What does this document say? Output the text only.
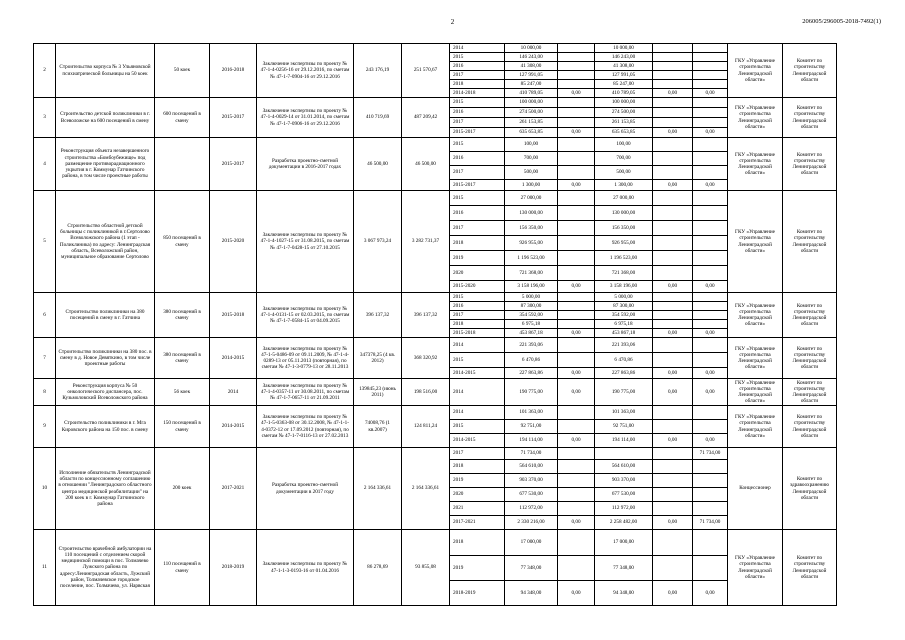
2	206005/296005-2018-7492(1)
2	Строительство корпуса № 3 Ульяновской психиатрической больницы на 50 коек	50 коек	2016-2018	Заключение экспертизы по проекту № 47-1-4-0256-16 от 29.12.2016, по сметам № 47-1-7-0904-16 от 29.12.2016	243 176,19	251 570,67	2014	10 000,00		10 000,00			ГКУ «Управление строительства Ленинградской области»	Комитет по строительству Ленинградской области
							2015	146 243,00		146 243,00				
							2016	41 308,00		41 308,00				
							2017	127 991,05		127 991,05				
							2018	85 247,00		85 247,00				
							2014-2018	410 789,05	0,00	410 789,05	0,00	0,00		
3	Строительство детской поликлиники в г. Всеволожске на 600 посещений в смену	600 посещений в смену	2015-2017	Заключение экспертизы по проекту № 47-1-4-0029-14 от 31.01.2014, по сметам № 47-1-7-0906-16 от 29.12.2016	410 719,69	487 209,42	2015	100 000,00		100 000,00			ГКУ «Управление строительства Ленинградской области»	Комитет по строительству Ленинградской области
							2016	274 500,00		274 500,00				
							2017	261 153,85		261 153,85				
							2015-2017	635 653,85	0,00	635 653,85	0,00	0,00		
4	Реконструкция объекта незавершенного строительства «Бомбоубежище» под размещение противорадиационного укрытия в г. Коммунар Гатчинского района, в том числе проектные работы		2015-2017	Разработка проектно-сметной документации в 2016-2017 годах	46 500,00	46 500,00	2015	100,00		100,00			ГКУ «Управление строительства Ленинградской области»	Комитет по строительству Ленинградской области
							2016	700,00		700,00				
							2017	500,00		500,00				
							2015-2017	1 300,00	0,00	1 300,00	0,00	0,00		
5	Строительство областной детской больницы с поликлиникой в г.Сертолово Всеволожского района (1 этап - Поликлиника) по адресу: Ленинградская область, Всеволожский район, муниципальное образование Сертолово	850 посещений в смену	2015-2020	Заключение экспертизы по проекту № 47-1-4-1027-15 от 31.08.2015, по сметам № 47-1-7-0428-15 от 27.10.2015	3 067 973,24	3 282 731,37	2015	27 000,00		27 000,00			ГКУ «Управление строительства Ленинградской области»	Комитет по строительству Ленинградской области
							2016	130 000,00		130 000,00				
							2017	156 350,00		156 350,00				
							2018	926 955,00		926 955,00				
							2019	1 196 523,00		1 196 523,00				
							2020	721 368,00		721 368,00				
							2015-2020	3 158 196,00	0,00	3 158 196,00	0,00	0,00		
6	Строительство поликлиники на 380 посещений в смену в г. Гатчина	380 посещений в смену	2015-2018	Заключение экспертизы по проекту № 47-1-4-0131-15 от 02.03.2015, по сметам № 47-1-7-0584-15 от 04.09.2015	396 137,32	396 137,32	2015	5 000,00		5 000,00			ГКУ «Управление строительства Ленинградской области»	Комитет по строительству Ленинградской области
							2016	87 300,00		87 300,00				
							2017	354 592,00		354 592,00				
							2018	6 975,18		6 975,18				
							2015-2018	453 867,18	0,00	453 867,18	0,00	0,00		
7	Строительство поликлиники на 380 пос. в смену в д. Новое Девяткино, в том числе проектные работы	380 посещений в смену	2014-2015	Заключение экспертизы по проекту № 47-1-5-0486-09 от 09.11.2009, № 47-1-4-0289-13 от 05.11.2013 (повторная), по сметам № 47-1-3-0779-13 от 28.11.2013	347378,25 (4 кв. 2012)	368 320,92	2014	221 393,06		221 393,06			ГКУ «Управление строительства Ленинградской области»	Комитет по строительству Ленинградской области
							2015	6 470,86		6 470,86				
							2014-2015	227 863,86	0,00	227 863,86	0,00	0,00		
8	Реконструкция корпуса № 50 онкологического диспансера, пос. Кузьмоловский Всеволожского района	56 коек	2014	Заключение экспертизы по проекту № 47-1-4-0357-11 от 30.08.2011, по сметам № 47-1-7-0657-11 от 21.09.2011	139845,23 (июнь 2011)	198 516,00	2014	190 775,00	0,00	190 775,00	0,00	0,00	ГКУ «Управление строительства Ленинградской области»	Комитет по строительству Ленинградской области
9	Строительство поликлиники в г. Мга Кировского района на 150 пос. в смену	150 посещений в смену	2014-2015	Заключение экспертизы по проекту № 47-1-5-0363-08 от 30.12.2008, № 47-1-1-4-0372-12 от 17.09.2012 (повторная), по сметам № 47-1-7-0116-13 от 27.02.2013	74008,76 (1 кв.2007)	124 811,24	2014	101 363,00		101 363,00			ГКУ «Управление строительства Ленинградской области»	Комитет по строительству Ленинградской области
							2015	92 751,00		92 751,00				
							2014-2015	194 114,00	0,00	194 114,00	0,00	0,00		
10	Исполнение обязательств Ленинградской области по концессионному соглашению в отношении "Ленинградского областного центра медицинской реабилитации" на 200 коек в г. Коммунар Гатчинского района	200 коек	2017-2021	Разработка проектно-сметной документации в 2017 году	2 164 336,61	2 164 336,61	2017	71 734,00				71 734,00	Концессионер	Комитет по здравоохранению Ленинградской области
							2018	564 610,00		564 610,00				
							2019	903 370,00		903 370,00				
							2020	677 530,00		677 530,00				
							2021	112 972,00		112 972,00				
							2017-2021	2 330 216,00	0,00	2 258 482,00	0,00	71 734,00		
11	Строительство врачебной амбулатории на 110 посещений с отделением скорой медицинской помощи в пос. Толмачево Лужского района по адресу:Ленинградская область, Лужский район, Толмачевское городское поселение, пос. Толмачево, ул. Нарвская	110 посещений в смену	2018-2019	Заключение экспертизы по проекту № 47-1-1-3-0193-16 от 01.04.2016	86 278,69	93 855,08	2018	17 000,00		17 000,00			ГКУ «Управление строительства Ленинградской области»	Комитет по строительству Ленинградской области
							2019	77 348,00		77 348,00				
							2018-2019	94 348,00	0,00	94 348,00	0,00	0,00		
